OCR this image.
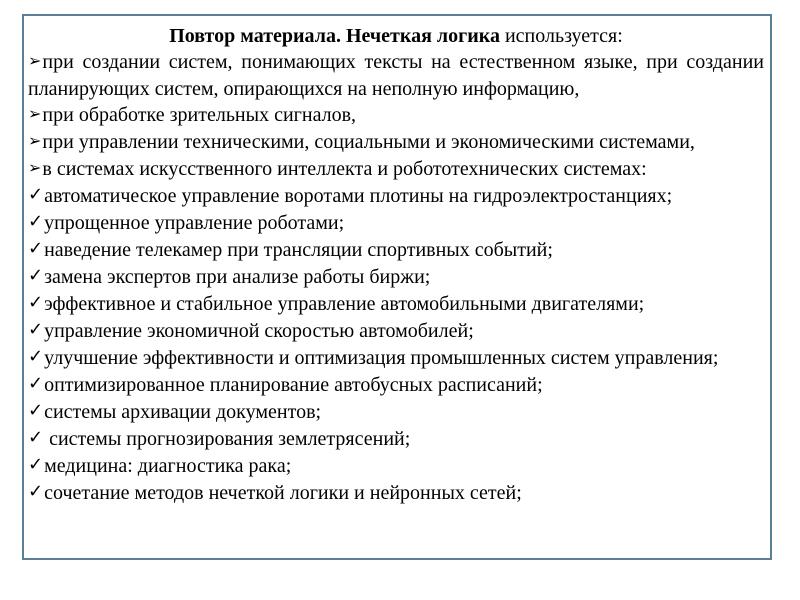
Повтор материала. Нечеткая логика используется:
➢при создании систем, понимающих тексты на естественном языке, при создании планирующих систем, опирающихся на неполную информацию,
➢при обработке зрительных сигналов,
➢при управлении техническими, социальными и экономическими системами,
➢в системах искусственного интеллекта и робототехнических системах:
✓автоматическое управление воротами плотины на гидроэлектростанциях;
✓упрощенное управление роботами;
✓наведение телекамер при трансляции спортивных событий;
✓замена экспертов при анализе работы биржи;
✓эффективное и стабильное управление автомобильными двигателями;
✓управление экономичной скоростью автомобилей;
✓улучшение эффективности и оптимизация промышленных систем управления;
✓оптимизированное планирование автобусных расписаний;
✓системы архивации документов;
✓ системы прогнозирования землетрясений;
✓медицина: диагностика рака;
✓сочетание методов нечеткой логики и нейронных сетей;
